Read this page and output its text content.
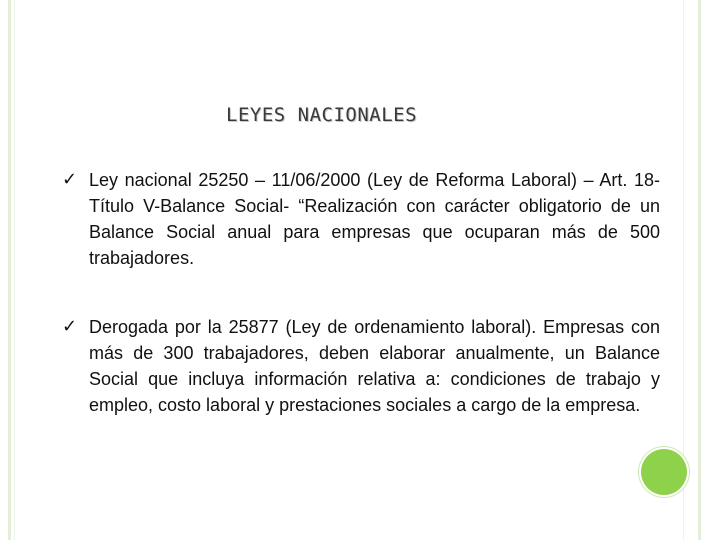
LEYES NACIONALES
✓ Ley nacional 25250 – 11/06/2000 (Ley de Reforma Laboral) – Art. 18-Título V-Balance Social- “Realización con carácter obligatorio de un Balance Social anual para empresas que ocuparan más de 500 trabajadores.
✓ Derogada por la 25877 (Ley de ordenamiento laboral). Empresas con más de 300 trabajadores, deben elaborar anualmente, un Balance Social que incluya información relativa a: condiciones de trabajo y empleo, costo laboral y prestaciones sociales a cargo de la empresa.
